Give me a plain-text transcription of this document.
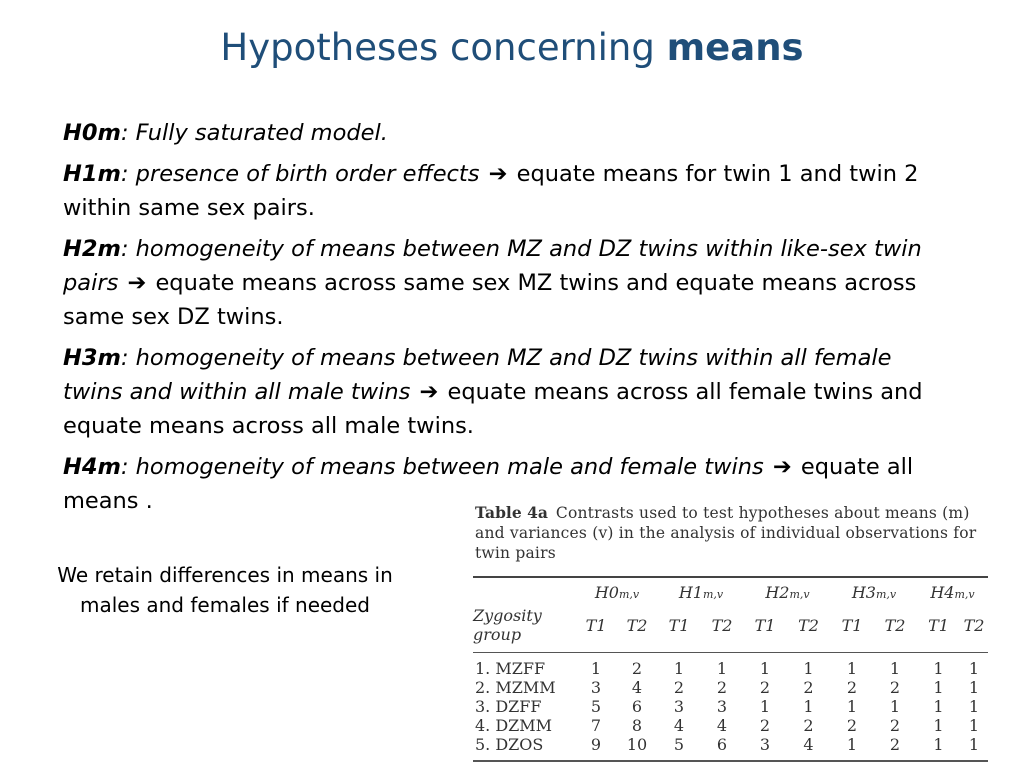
Hypotheses concerning means
H0m: Fully saturated model.
H1m: presence of birth order effects ➔ equate means for twin 1 and twin 2 within same sex pairs.
H2m: homogeneity of means between MZ and DZ twins within like-sex twin pairs ➔ equate means across same sex MZ twins and equate means across same sex DZ twins.
H3m: homogeneity of means between MZ and DZ twins within all female twins and within all male twins ➔ equate means across all female twins and equate means across all male twins.
H4m: homogeneity of means between male and female twins ➔ equate all means .
We retain differences in means in males and females if needed
Table 4a Contrasts used to test hypotheses about means (m) and variances (v) in the analysis of individual observations for twin pairs
	H0m,v		H1m,v		H2m,v		H3m,v		H4m,v	
Zygosity
group	T1	T2	T1	T2	T1	T2	T1	T2	T1	T2

1. MZFF	1	2	1	1	1	1	1	1	1	1
2. MZMM	3	4	2	2	2	2	2	2	1	1
3. DZFF	5	6	3	3	1	1	1	1	1	1
4. DZMM	7	8	4	4	2	2	2	2	1	1
5. DZOS	9	10	5	6	3	4	1	2	1	1
